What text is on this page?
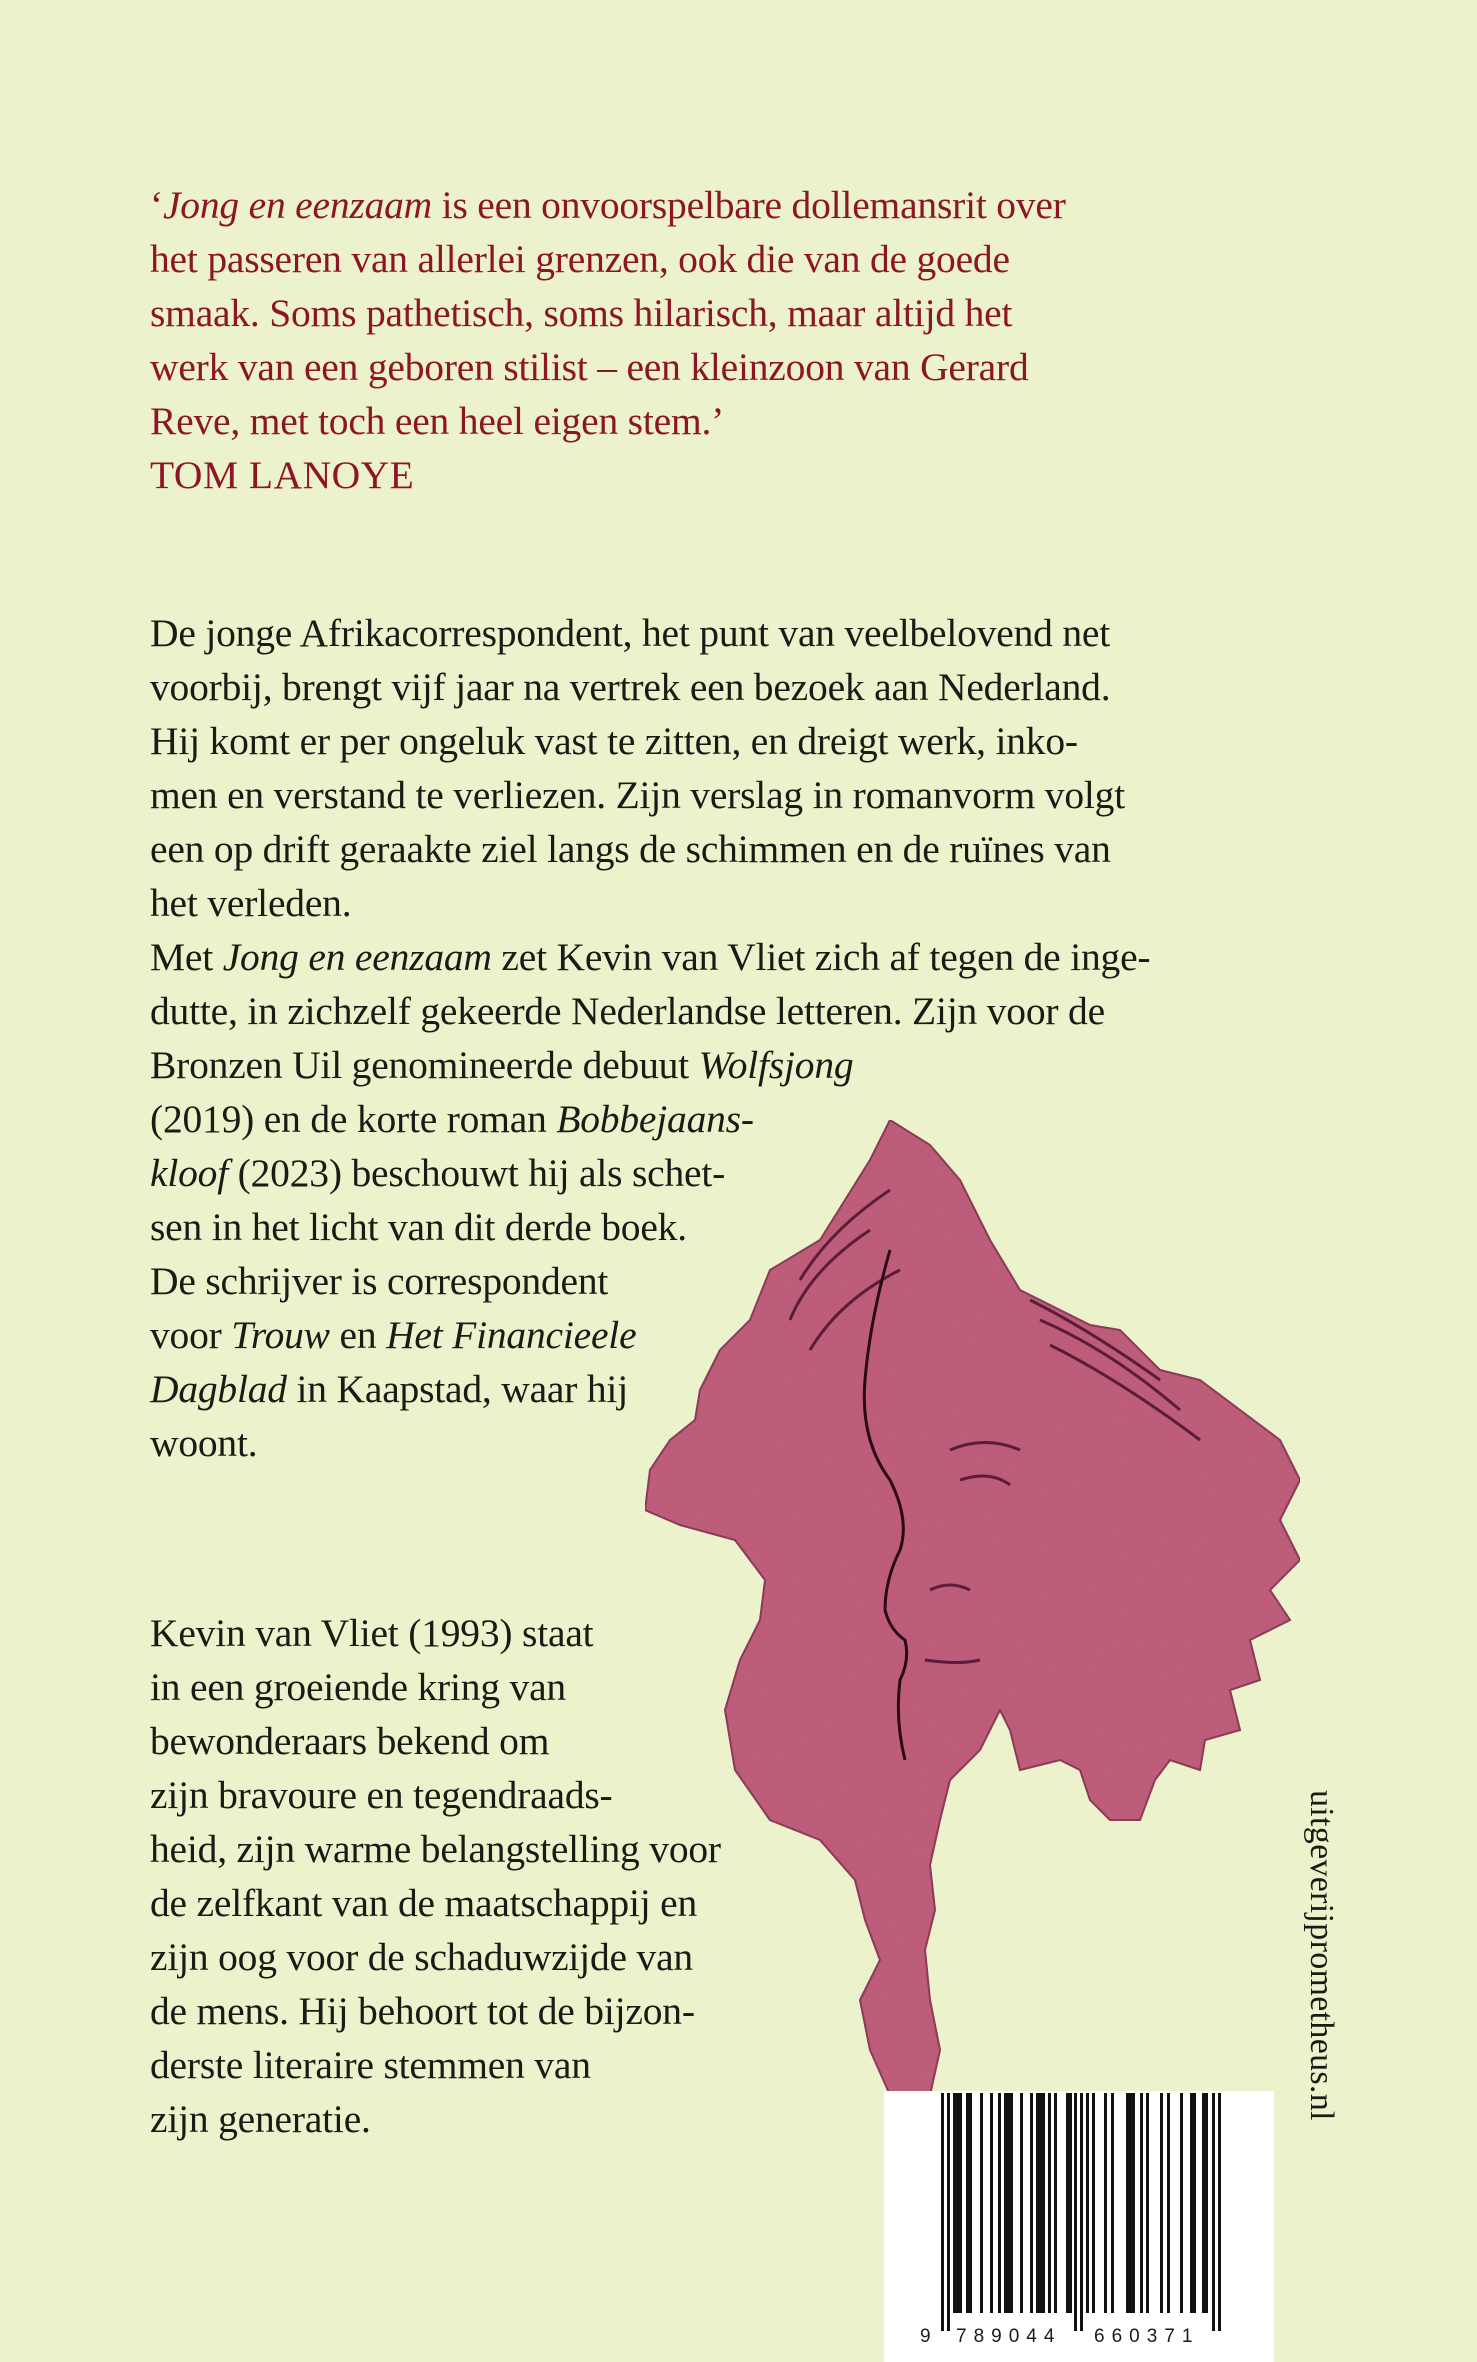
‘Jong en eenzaam is een onvoorspelbare dollemansrit over
het passeren van allerlei grenzen, ook die van de goede
smaak. Soms pathetisch, soms hilarisch, maar altijd het
werk van een geboren stilist – een kleinzoon van Gerard
Reve, met toch een heel eigen stem.’
TOM LANOYE
De jonge Afrikacorrespondent, het punt van veelbelovend net
voorbij, brengt vijf jaar na vertrek een bezoek aan Nederland.
Hij komt er per ongeluk vast te zitten, en dreigt werk, inko-
men en verstand te verliezen. Zijn verslag in romanvorm volgt
een op drift geraakte ziel langs de schimmen en de ruïnes van
het verleden.
Met Jong en eenzaam zet Kevin van Vliet zich af tegen de inge-
dutte, in zichzelf gekeerde Nederlandse letteren. Zijn voor de
Bronzen Uil genomineerde debuut Wolfsjong
(2019) en de korte roman Bobbejaans-
kloof (2023) beschouwt hij als schet-
sen in het licht van dit derde boek.
De schrijver is correspondent
voor Trouw en Het Financieele
Dagblad in Kaapstad, waar hij
woont.
Kevin van Vliet (1993) staat
in een groeiende kring van
bewonderaars bekend om
zijn bravoure en tegendraads-
heid, zijn warme belangstelling voor
de zelfkant van de maatschappij en
zijn oog voor de schaduwzijde van
de mens. Hij behoort tot de bijzon-
derste literaire stemmen van
zijn generatie.
9 789044 660371
uitgeverijprometheus.nl
